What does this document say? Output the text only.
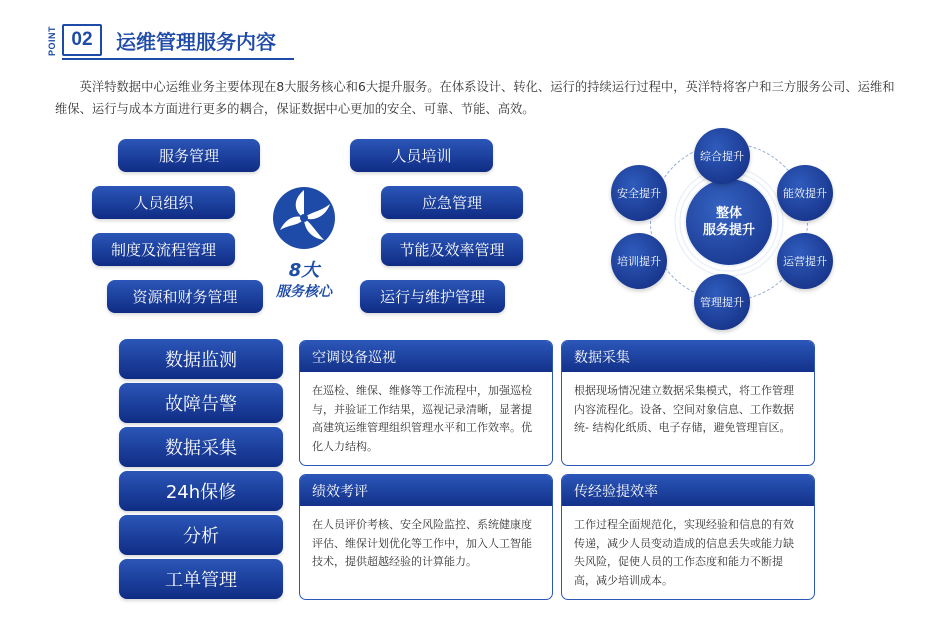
POINT 02	运维管理服务内容

英洋特数据中心运维业务主要体现在8大服务核心和6大提升服务。在体系设计、转化、运行的持续运行过程中，英洋特将客户和三方服务公司、运维和维保、运行与成本方面进行更多的耦合，保证数据中心更加的安全、可靠、节能、高效。

服务管理	人员培训
人员组织	应急管理
制度及流程管理	节能及效率管理
资源和财务管理	运行与维护管理
8大
服务核心
整体
服务提升
综合提升
能效提升
运营提升
管理提升
培训提升
安全提升
数据监测
故障告警
数据采集
24h保修
分析
工单管理
空调设备巡视
在巡检、维保、维修等工作流程中，加强巡检与，并验证工作结果，巡视记录清晰，显著提高建筑运维管理组织管理水平和工作效率。优化人力结构。
数据采集
根据现场情况建立数据采集模式，将工作管理内容流程化。设备、空间对象信息、工作数据统- 结构化纸质、电子存储，避免管理盲区。
绩效考评
在人员评价考核、安全风险监控、系统健康度评估、维保计划优化等工作中，加入人工智能技术，提供超越经验的计算能力。
传经验提效率
工作过程全面规范化，实现经验和信息的有效传递，减少人员变动造成的信息丢失或能力缺失风险，促使人员的工作态度和能力不断提高，减少培训成本。
